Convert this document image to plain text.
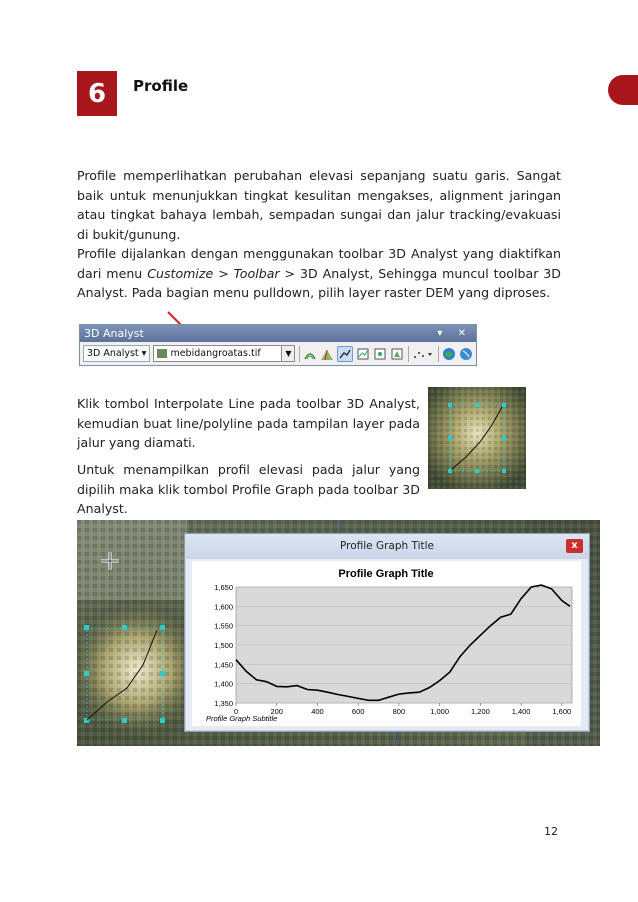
6 Profile
Profile memperlihatkan perubahan elevasi sepanjang suatu garis. Sangat baik untuk menunjukkan tingkat kesulitan mengakses, alignment jaringan atau tingkat bahaya lembah, sempadan sungai dan jalur tracking/evakuasi di bukit/gunung.
Profile dijalankan dengan menggunakan toolbar 3D Analyst yang diaktifkan dari menu Customize > Toolbar > 3D Analyst, Sehingga muncul toolbar 3D Analyst. Pada bagian menu pulldown, pilih layer raster DEM yang diproses.
3D Analyst	▾ ✕
3D Analyst ▾	mebidangroatas.tif	▼
Klik tombol Interpolate Line pada toolbar 3D Analyst, kemudian buat line/polyline pada tampilan layer pada jalur yang diamati.
Untuk menampilkan profil elevasi pada jalur yang dipilih maka klik tombol Profile Graph pada toolbar 3D Analyst.
Profile Graph Title	x
Profile Graph Title
Profile Graph Subtitle
1,350
1,400
1,450
1,500
1,550
1,600
1,650
0	200	400	600	800	1,000	1,200	1,400	1,600
12
